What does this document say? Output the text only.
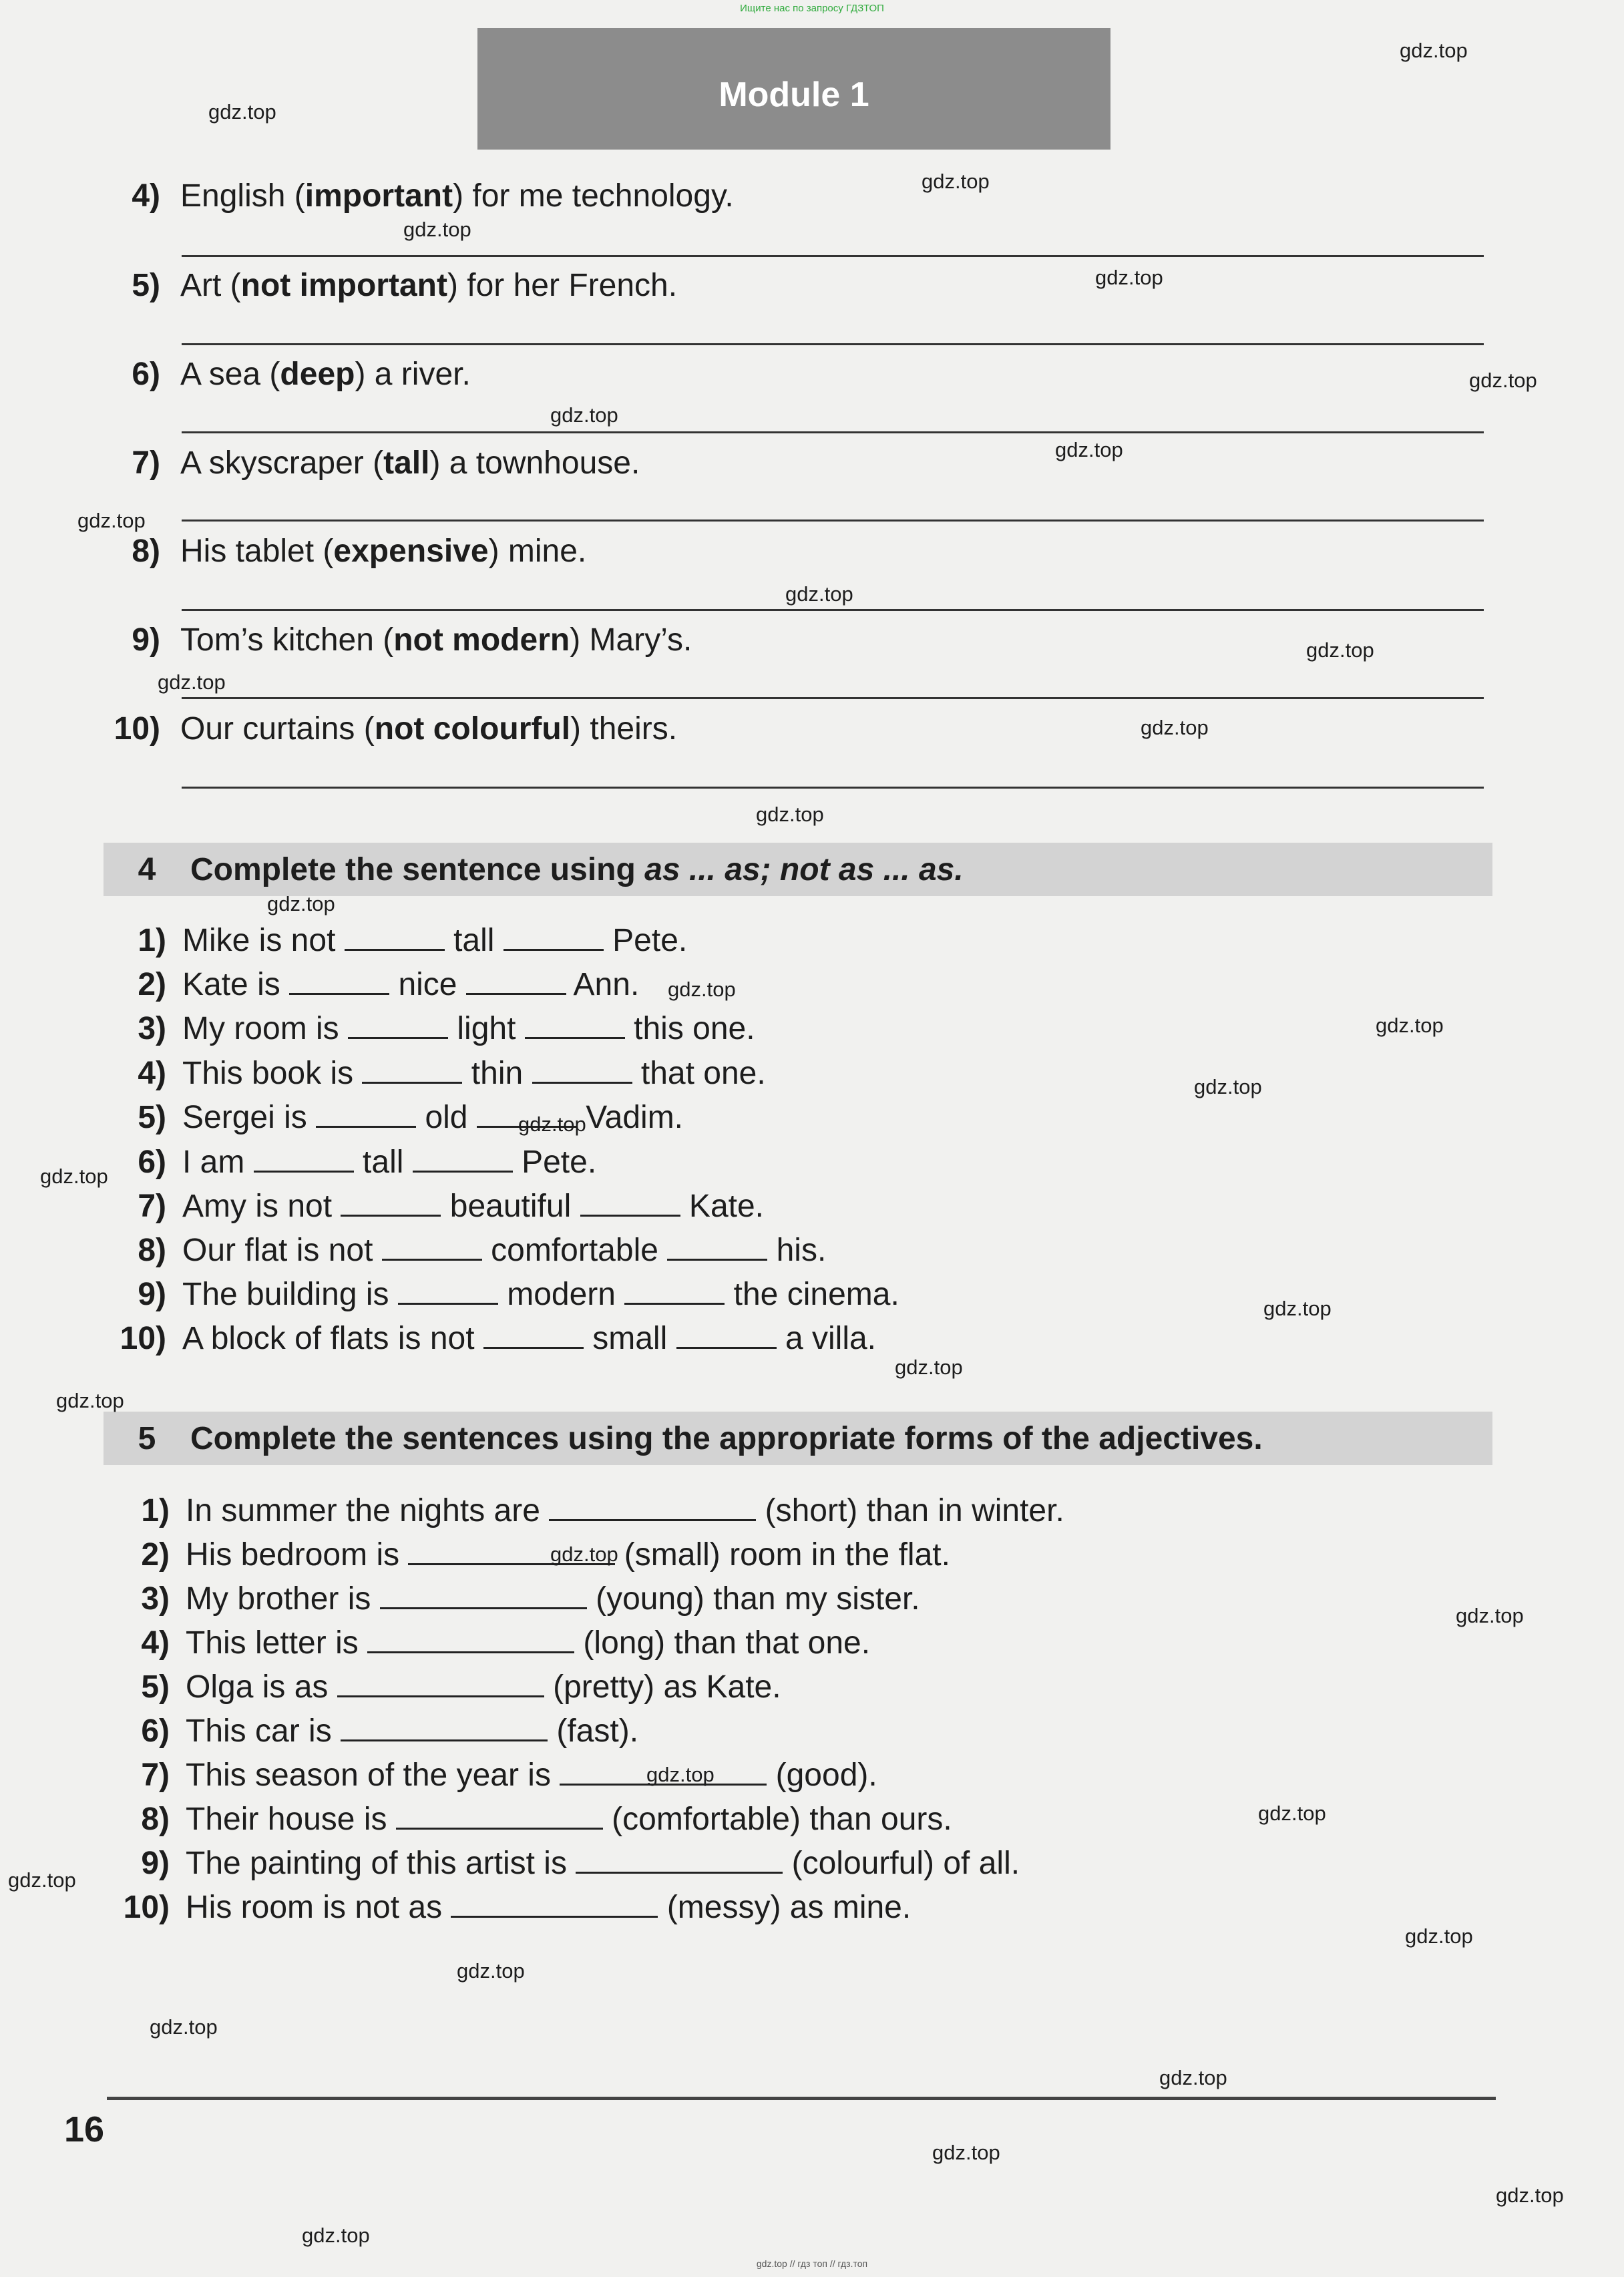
Ищите нас по запросу ГДЗТОП
Module 1
4) English (important) for me technology.
5) Art (not important) for her French.
6) A sea (deep) a river.
7) A skyscraper (tall) a townhouse.
8) His tablet (expensive) mine.
9) Tom’s kitchen (not modern) Mary’s.
10) Our curtains (not colourful) theirs.
4	Complete the sentence using as ... as; not as ... as.
1) Mike is not	tall	Pete.
2) Kate is	nice	Ann.
3) My room is	light	this one.
4) This book is	thin	that one.
5) Sergei is	old	Vadim.
6) I am	tall	Pete.
7) Amy is not	beautiful	Kate.
8) Our flat is not	comfortable	his.
9) The building is	modern	the cinema.
10) A block of flats is not	small	a villa.
5	Complete the sentences using the appropriate forms of the adjectives.
1) In summer the nights are	(short) than in winter.
2) His bedroom is	(small) room in the flat.
3) My brother is	(young) than my sister.
4) This letter is	(long) than that one.
5) Olga is as	(pretty) as Kate.
6) This car is	(fast).
7) This season of the year is	(good).
8) Their house is	(comfortable) than ours.
9) The painting of this artist is	(colourful) of all.
10) His room is not as	(messy) as mine.
16
gdz.top
gdz.top
gdz.top
gdz.top
gdz.top
gdz.top
gdz.top
gdz.top
gdz.top
gdz.top
gdz.top
gdz.top
gdz.top
gdz.top
gdz.top
gdz.top
gdz.top
gdz.top
gdz.top
gdz.top
gdz.top
gdz.top
gdz.top
gdz.top
gdz.top
gdz.top
gdz.top
gdz.top
gdz.top
gdz.top
gdz.top
gdz.top
gdz.top
gdz.top
gdz.top
gdz.top // гдз топ // гдз.топ
